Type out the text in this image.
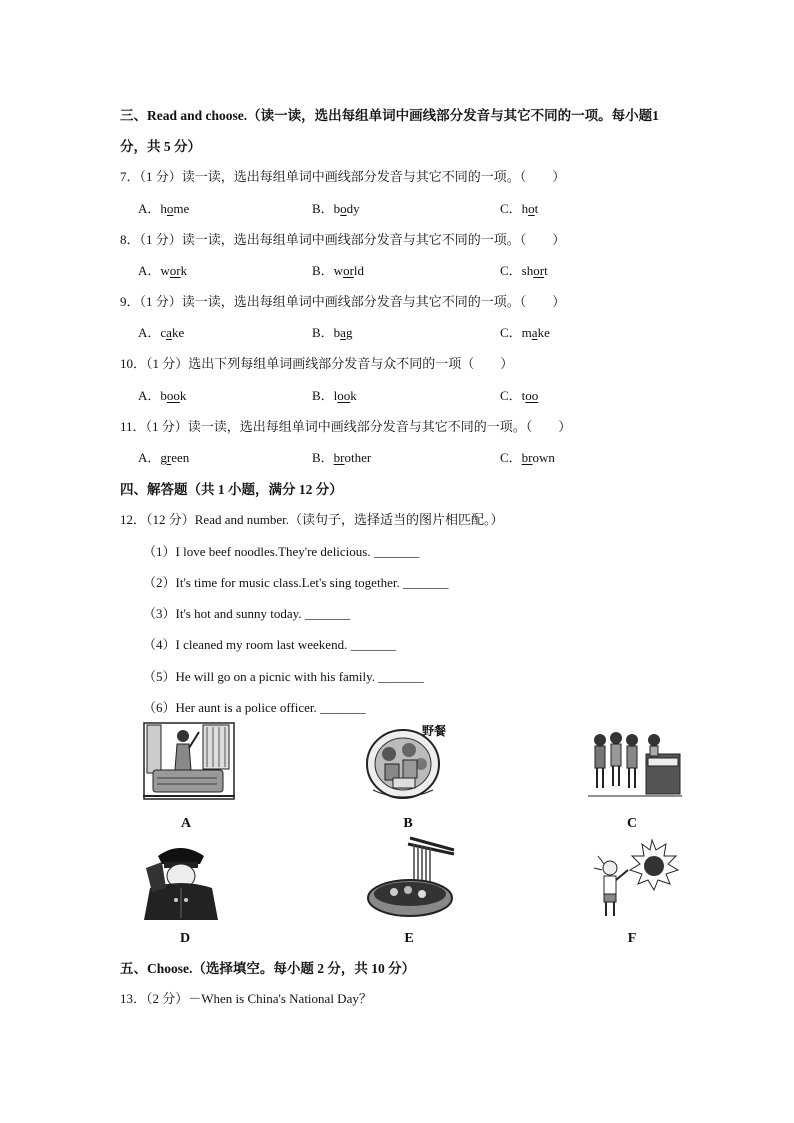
三、Read and choose.（读一读，选出每组单词中画线部分发音与其它不同的一项。每小题1
分，共 5 分）
7．（1 分）读一读，选出每组单词中画线部分发音与其它不同的一项。（　　）
A．home	B．body	C．hot
8．（1 分）读一读，选出每组单词中画线部分发音与其它不同的一项。（　　）
A．work	B．world	C．short
9．（1 分）读一读，选出每组单词中画线部分发音与其它不同的一项。（　　）
A．cake	B．bag	C．make
10．（1 分）选出下列每组单词画线部分发音与众不同的一项（　　）
A．book	B．look	C．too
11．（1 分）读一读，选出每组单词中画线部分发音与其它不同的一项。（　　）
A．green	B．brother	C．brown
四、解答题（共 1 小题，满分 12 分）
12．（12 分）Read and number.（读句子，选择适当的图片相匹配。）
（1）I love beef noodles.They're delicious. _______
（2）It's time for music class.Let's sing together. _______
（3）It's hot and sunny today. _______
（4）I cleaned my room last weekend. _______
（5）He will go on a picnic with his family. _______
（6）Her aunt is a police officer. _______
A
野餐
B	C
D	E	F
五、Choose.（选择填空。每小题 2 分，共 10 分）
13．（2 分）－When is China's National Day？
